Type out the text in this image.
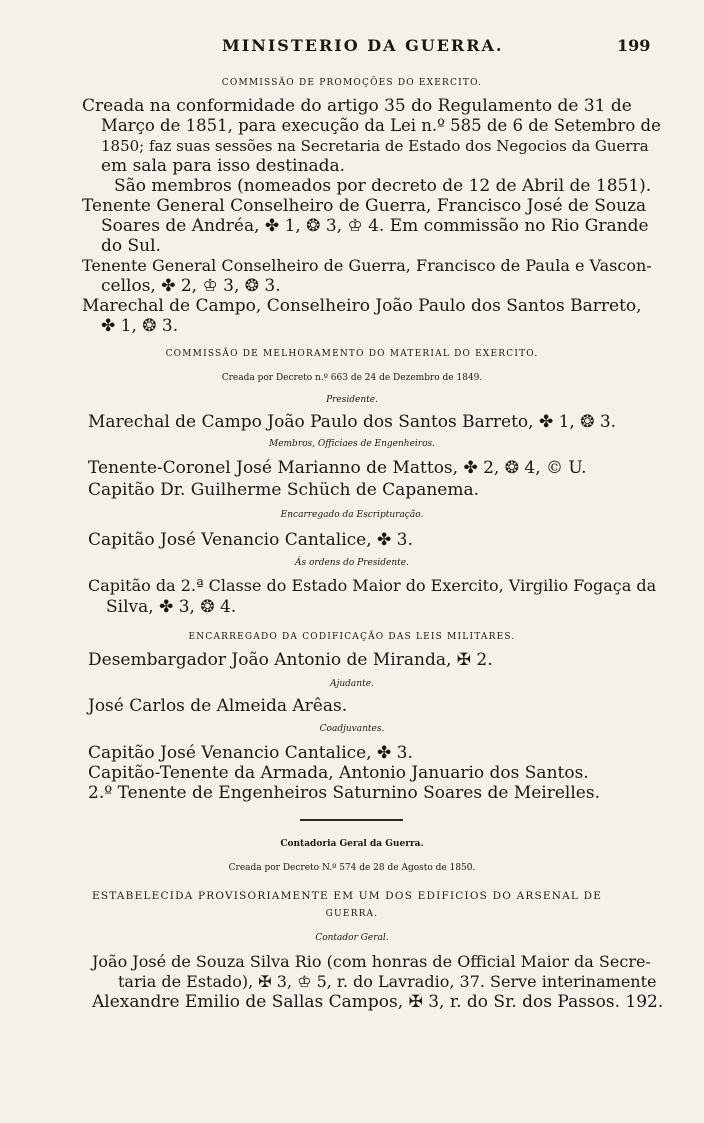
MINISTERIO DA GUERRA.	199
COMMISSÃO DE PROMOÇÕES DO EXERCITO.
Creada na conformidade do artigo 35 do Regulamento de 31 de
Março de 1851, para execução da Lei n.º 585 de 6 de Setembro de
1850; faz suas sessões na Secretaria de Estado dos Negocios da Guerra
em sala para isso destinada.
São membros (nomeados por decreto de 12 de Abril de 1851).
Tenente General Conselheiro de Guerra, Francisco José de Souza
Soares de Andréa, ✤ 1, ❂ 3, ♔ 4. Em commissão no Rio Grande
do Sul.
Tenente General Conselheiro de Guerra, Francisco de Paula e Vascon-
cellos, ✤ 2, ♔ 3, ❂ 3.
Marechal de Campo, Conselheiro João Paulo dos Santos Barreto,
✤ 1, ❂ 3.
COMMISSÃO DE MELHORAMENTO DO MATERIAL DO EXERCITO.
Creada por Decreto n.º 663 de 24 de Dezembro de 1849.
Presidente.
Marechal de Campo João Paulo dos Santos Barreto, ✤ 1, ❂ 3.
Membros, Officiaes de Engenheiros.
Tenente-Coronel José Marianno de Mattos, ✤ 2, ❂ 4, © U.
Capitão Dr. Guilherme Schüch de Capanema.
Encarregado da Escripturação.
Capitão José Venancio Cantalice, ✤ 3.
Ás ordens do Presidente.
Capitão da 2.ª Classe do Estado Maior do Exercito, Virgilio Fogaça da
Silva, ✤ 3, ❂ 4.
ENCARREGADO DA CODIFICAÇÃO DAS LEIS MILITARES.
Desembargador João Antonio de Miranda, ✠ 2.
Ajudante.
José Carlos de Almeida Arêas.
Coadjuvantes.
Capitão José Venancio Cantalice, ✤ 3.
Capitão-Tenente da Armada, Antonio Januario dos Santos.
2.º Tenente de Engenheiros Saturnino Soares de Meirelles.
Contadoria Geral da Guerra.
Creada por Decreto N.º 574 de 28 de Agosto de 1850.
ESTABELECIDA PROVISORIAMENTE EM UM DOS EDIFICIOS DO ARSENAL DE
GUERRA.
Contador Geral.
João José de Souza Silva Rio (com honras de Official Maior da Secre-
taria de Estado), ✠ 3, ♔ 5, r. do Lavradio, 37. Serve interinamente
Alexandre Emilio de Sallas Campos, ✠ 3, r. do Sr. dos Passos. 192.
